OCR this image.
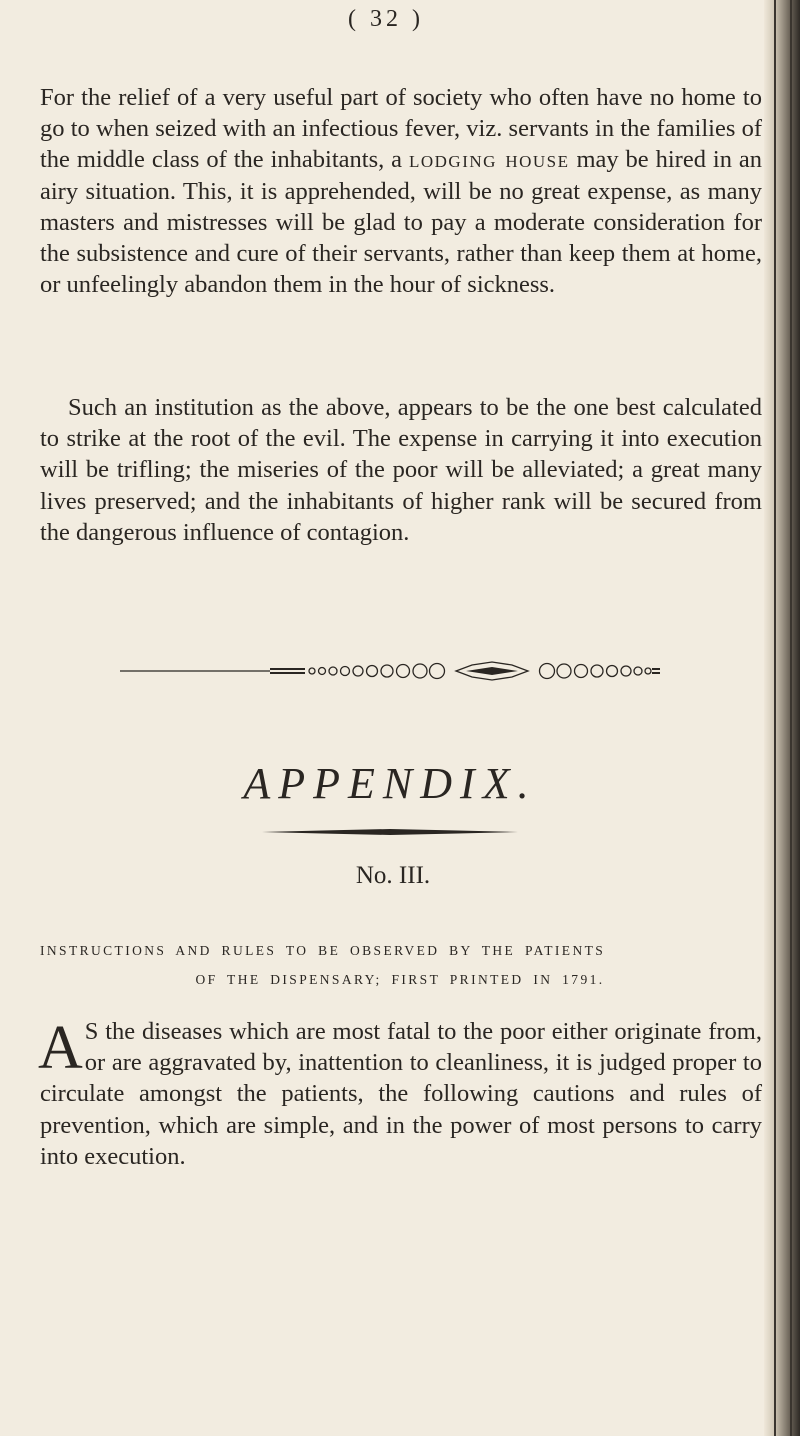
( 32 )

For the relief of a very useful part of society who often have no home to go to when seized with an infectious fever, viz. servants in the families of the middle class of the inhabitants, a lodging house may be hired in an airy situation. This, it is apprehended, will be no great expense, as many masters and mistresses will be glad to pay a moderate consideration for the subsistence and cure of their servants, rather than keep them at home, or unfeelingly abandon them in the hour of sickness.

Such an institution as the above, appears to be the one best calculated to strike at the root of the evil. The expense in carrying it into execution will be trifling; the miseries of the poor will be alleviated; a great many lives preserved; and the inhabitants of higher rank will be secured from the dangerous influence of contagion.

APPENDIX.
No. III.
INSTRUCTIONS AND RULES TO BE OBSERVED BY THE PATIENTS
OF THE DISPENSARY; FIRST PRINTED IN 1791.

A S the diseases which are most fatal to the poor either originate from, or are aggravated by, inattention to cleanliness, it is judged proper to circulate amongst the patients, the following cautions and rules of prevention, which are simple, and in the power of most persons to carry into execution.
